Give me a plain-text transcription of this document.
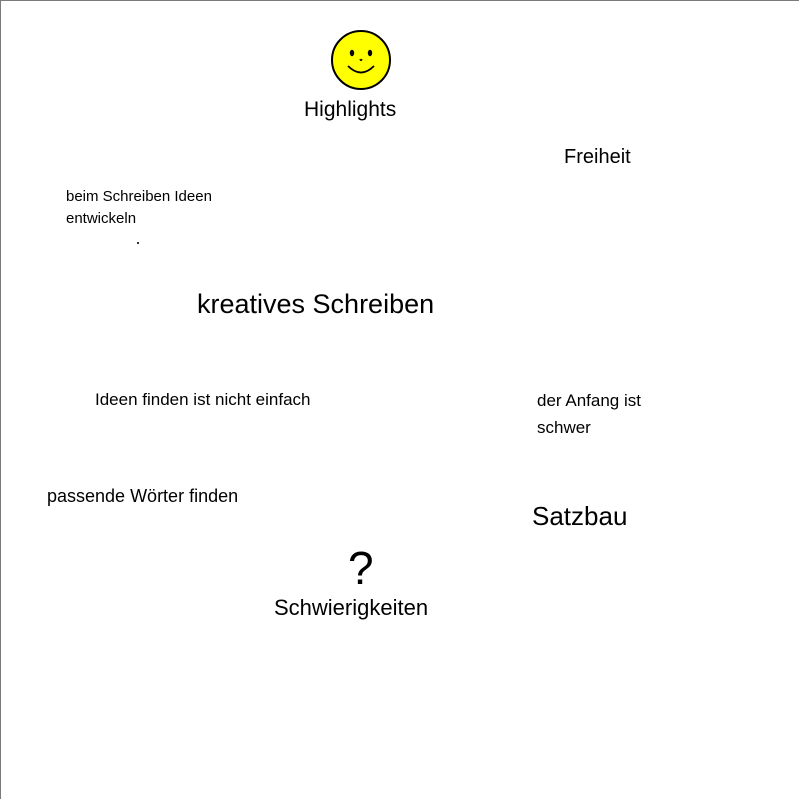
Highlights
Freiheit
beim Schreiben Ideen
entwickeln
kreatives Schreiben
Ideen finden ist nicht einfach	der Anfang ist
schwer
passende Wörter finden
Satzbau
?
Schwierigkeiten
